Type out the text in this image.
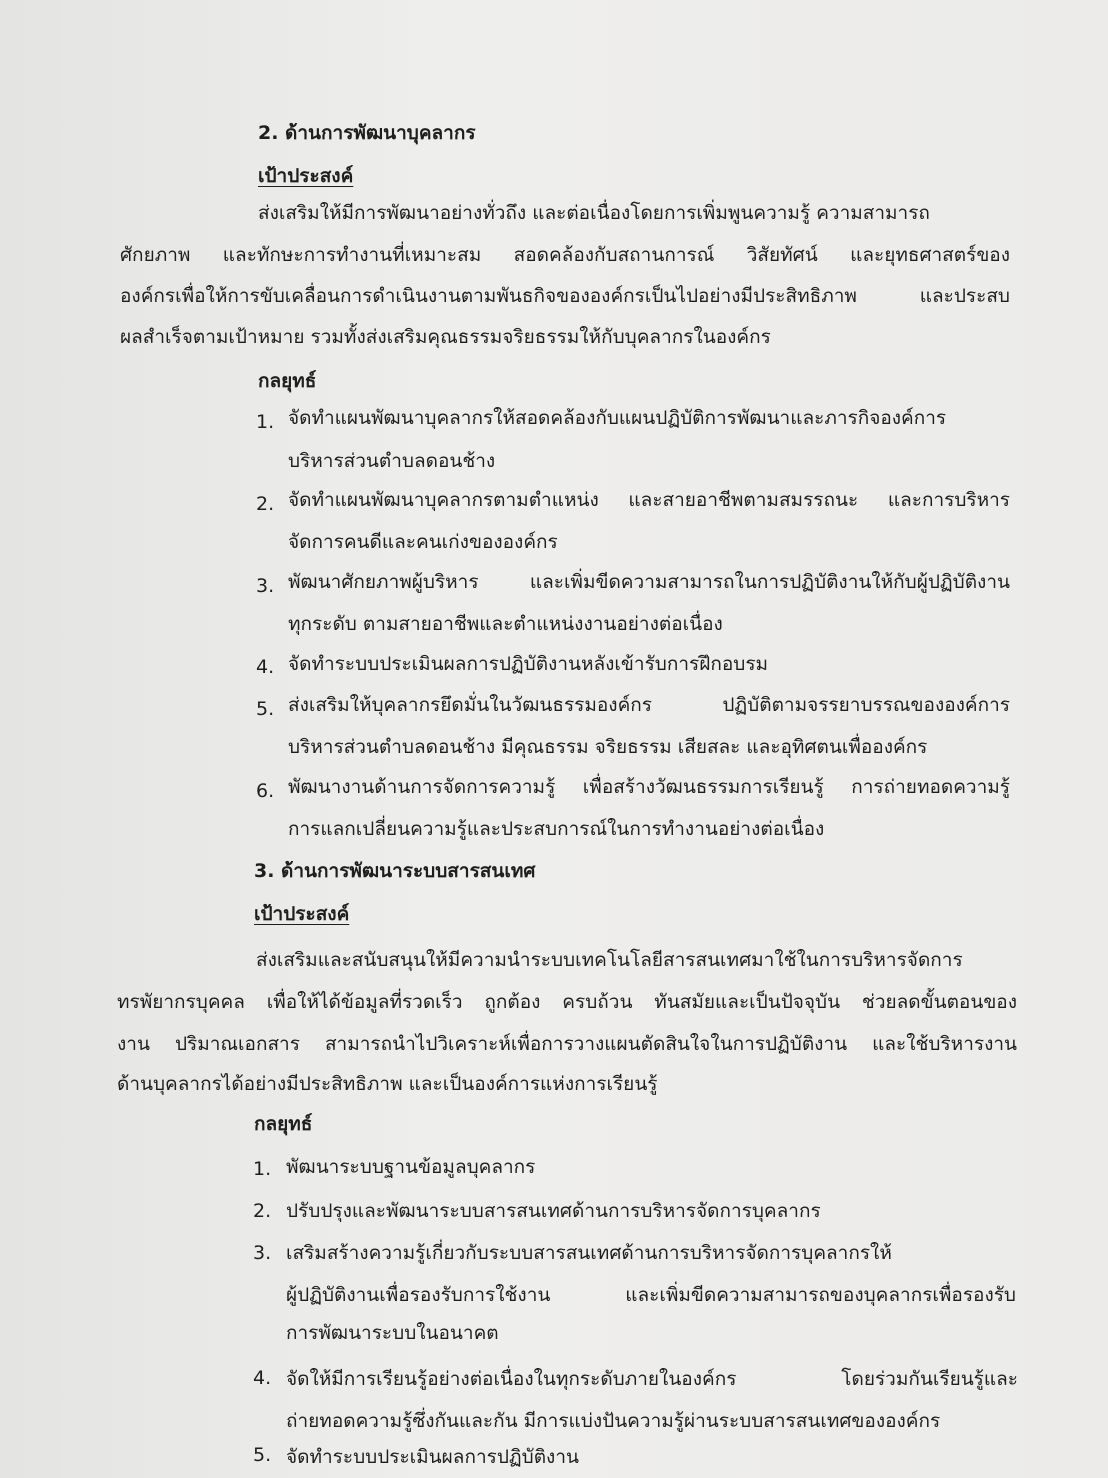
2. ด้านการพัฒนาบุคลากร
เป้าประสงค์
ส่งเสริมให้มีการพัฒนาอย่างทั่วถึง และต่อเนื่องโดยการเพิ่มพูนความรู้ ความสามารถ
ศักยภาพ และทักษะการทำงานที่เหมาะสม สอดคล้องกับสถานการณ์ วิสัยทัศน์ และยุทธศาสตร์ของ
องค์กรเพื่อให้การขับเคลื่อนการดำเนินงานตามพันธกิจขององค์กรเป็นไปอย่างมีประสิทธิภาพ และประสบ
ผลสำเร็จตามเป้าหมาย รวมทั้งส่งเสริมคุณธรรมจริยธรรมให้กับบุคลากรในองค์กร
กลยุทธ์
1. จัดทำแผนพัฒนาบุคลากรให้สอดคล้องกับแผนปฏิบัติการพัฒนาและภารกิจองค์การ
บริหารส่วนตำบลดอนช้าง
2. จัดทำแผนพัฒนาบุคลากรตามตำแหน่ง และสายอาชีพตามสมรรถนะ และการบริหาร
จัดการคนดีและคนเก่งขององค์กร
3. พัฒนาศักยภาพผู้บริหาร และเพิ่มขีดความสามารถในการปฏิบัติงานให้กับผู้ปฏิบัติงาน
ทุกระดับ ตามสายอาชีพและตำแหน่งงานอย่างต่อเนื่อง
4. จัดทำระบบประเมินผลการปฏิบัติงานหลังเข้ารับการฝึกอบรม
5. ส่งเสริมให้บุคลากรยึดมั่นในวัฒนธรรมองค์กร ปฏิบัติตามจรรยาบรรณขององค์การ
บริหารส่วนตำบลดอนช้าง มีคุณธรรม จริยธรรม เสียสละ และอุทิศตนเพื่อองค์กร
6. พัฒนางานด้านการจัดการความรู้ เพื่อสร้างวัฒนธรรมการเรียนรู้ การถ่ายทอดความรู้
การแลกเปลี่ยนความรู้และประสบการณ์ในการทำงานอย่างต่อเนื่อง
3. ด้านการพัฒนาระบบสารสนเทศ
เป้าประสงค์
ส่งเสริมและสนับสนุนให้มีความนำระบบเทคโนโลยีสารสนเทศมาใช้ในการบริหารจัดการ
ทรพัยากรบุคคล เพื่อให้ได้ข้อมูลที่รวดเร็ว ถูกต้อง ครบถ้วน ทันสมัยและเป็นปัจจุบัน ช่วยลดขั้นตอนของ
งาน ปริมาณเอกสาร สามารถนำไปวิเคราะห์เพื่อการวางแผนตัดสินใจในการปฏิบัติงาน และใช้บริหารงาน
ด้านบุคลากรได้อย่างมีประสิทธิภาพ และเป็นองค์การแห่งการเรียนรู้
กลยุทธ์
1. พัฒนาระบบฐานข้อมูลบุคลากร
2. ปรับปรุงและพัฒนาระบบสารสนเทศด้านการบริหารจัดการบุคลากร
3. เสริมสร้างความรู้เกี่ยวกับระบบสารสนเทศด้านการบริหารจัดการบุคลากรให้
ผู้ปฏิบัติงานเพื่อรองรับการใช้งาน และเพิ่มขีดความสามารถของบุคลากรเพื่อรองรับ
การพัฒนาระบบในอนาคต
4. จัดให้มีการเรียนรู้อย่างต่อเนื่องในทุกระดับภายในองค์กร โดยร่วมกันเรียนรู้และ
ถ่ายทอดความรู้ซึ่งกันและกัน มีการแบ่งปันความรู้ผ่านระบบสารสนเทศขององค์กร
5. จัดทำระบบประเมินผลการปฏิบัติงาน
